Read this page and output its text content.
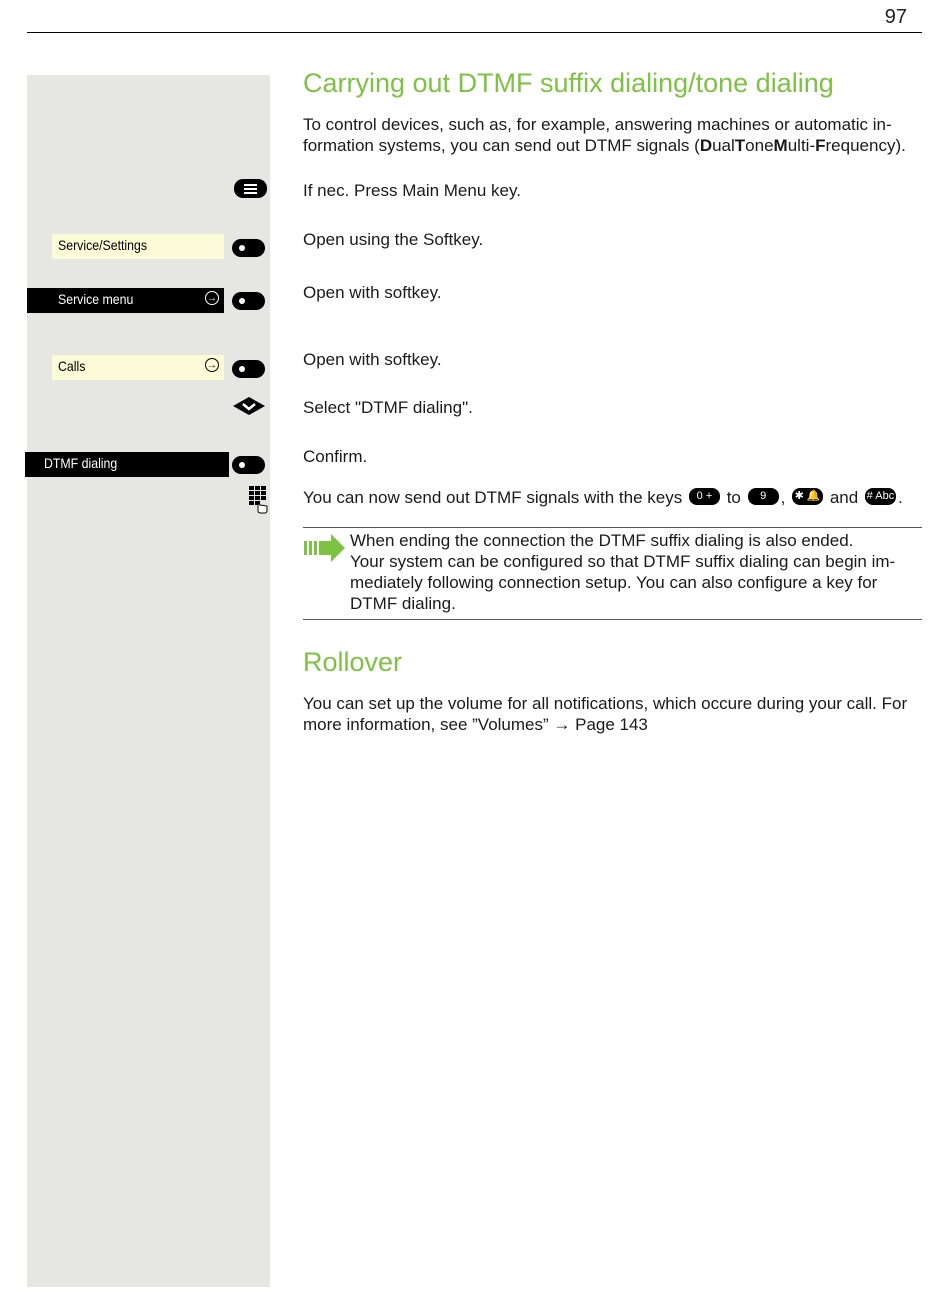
97
Service/Settings
Service menu	→
Calls	→
DTMF dialing
Carrying out DTMF suffix dialing/tone dialing
To control devices, such as, for example, answering machines or automatic in-formation systems, you can send out DTMF signals (DualToneMulti-Frequency).
If nec. Press Main Menu key.
Open using the Softkey.
Open with softkey.
Open with softkey.
Select "DTMF dialing".
Confirm.
You can now send out DTMF signals with the keys 0 + to 9 wxyz, ✱ 🔔 and # Abc .
When ending the connection the DTMF suffix dialing is also ended.
Your system can be configured so that DTMF suffix dialing can begin im-mediately following connection setup. You can also configure a key for DTMF dialing.
Rollover
You can set up the volume for all notifications, which occure during your call. For more information, see ”Volumes” → Page 143
